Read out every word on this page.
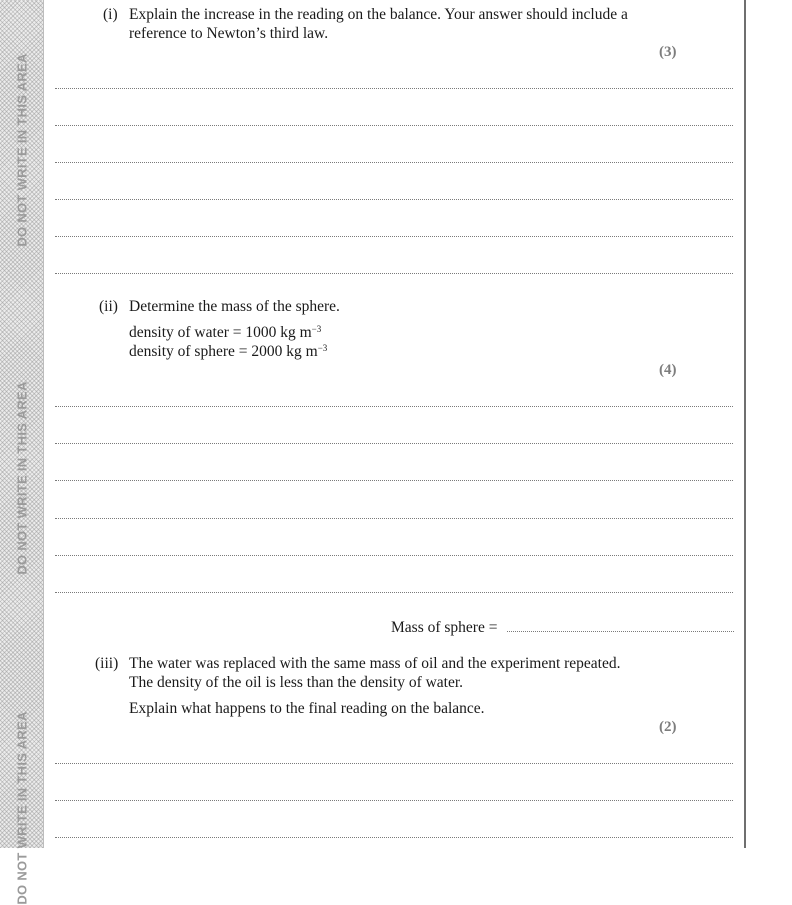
DO NOT WRITE IN THIS AREA
DO NOT WRITE IN THIS AREA
DO NOT WRITE IN THIS AREA
(i) Explain the increase in the reading on the balance. Your answer should include a
reference to Newton’s third law.
(3)
(ii) Determine the mass of the sphere.
density of water = 1000 kg $m^{-3}$
density of sphere = 2000 kg $m^{-3}$
(4)
Mass of sphere =
(iii) The water was replaced with the same mass of oil and the experiment repeated.
The density of the oil is less than the density of water.
Explain what happens to the final reading on the balance.
(2)
